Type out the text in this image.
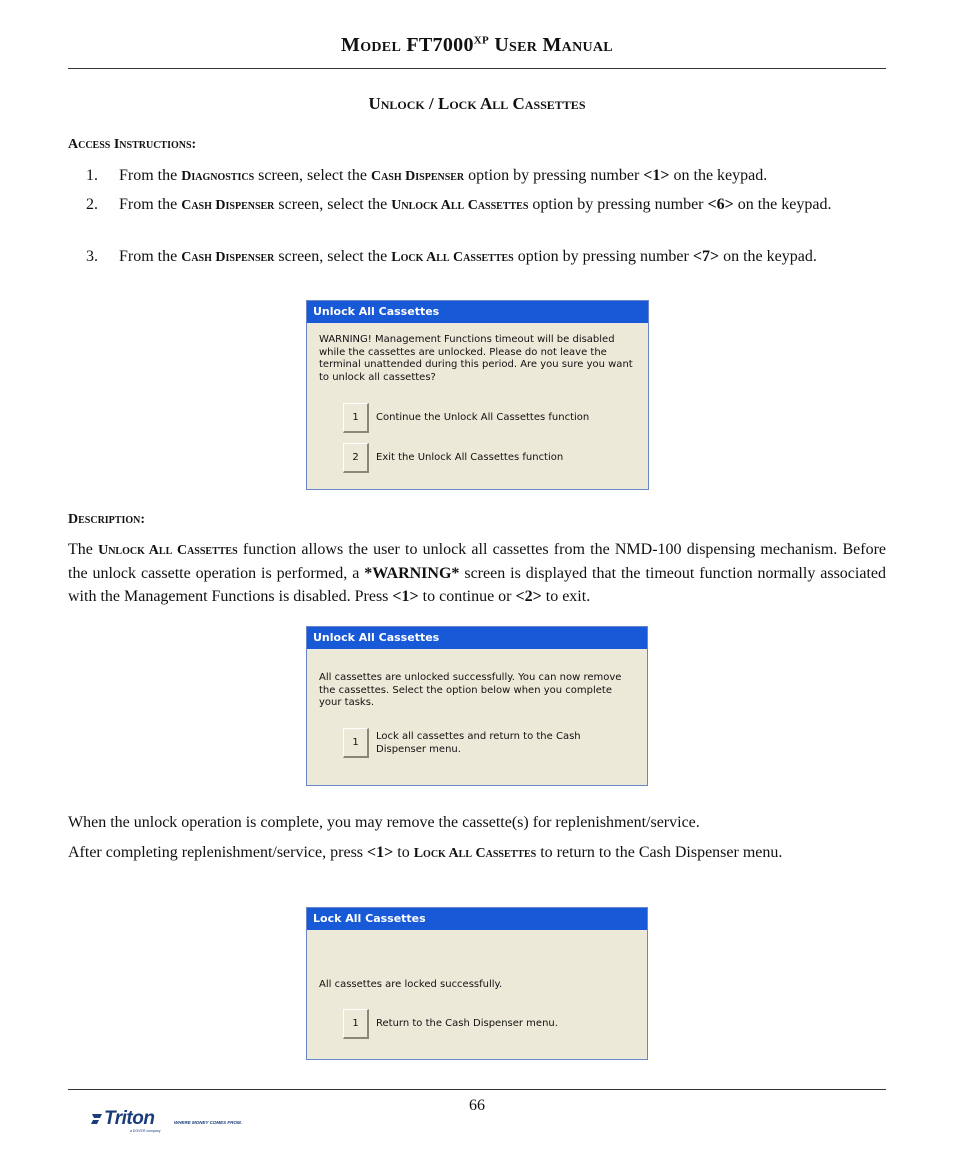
Model $FT7000^{XP}$ User Manual
Unlock / Lock All Cassettes
Access Instructions:
1. From the Diagnostics screen, select the Cash Dispenser option by pressing number <1> on the keypad.
2. From the Cash Dispenser screen, select the Unlock All Cassettes option by pressing number <6> on the keypad.
3. From the Cash Dispenser screen, select the Lock All Cassettes option by pressing number <7> on the keypad.
Unlock All Cassettes
WARNING! Management Functions timeout will be disabled while the cassettes are unlocked. Please do not leave the terminal unattended during this period. Are you sure you want to unlock all cassettes?
1	Continue the Unlock All Cassettes function
2	Exit the Unlock All Cassettes function
Description:
The Unlock All Cassettes function allows the user to unlock all cassettes from the NMD-100 dispensing mechanism. Before the unlock cassette operation is performed, a *WARNING* screen is displayed that the timeout function normally associated with the Management Functions is disabled. Press <1> to continue or <2> to exit.
Unlock All Cassettes
All cassettes are unlocked successfully. You can now remove the cassettes. Select the option below when you complete your tasks.
1
Lock all cassettes and return to the Cash Dispenser menu.
When the unlock operation is complete, you may remove the cassette(s) for replenishment/service.
After completing replenishment/service, press <1> to Lock All Cassettes to return to the Cash Dispenser menu.
Lock All Cassettes
All cassettes are locked successfully.
1	Return to the Cash Dispenser menu.
66
Triton	WHERE MONEY COMES FROM.
a DOVER company
